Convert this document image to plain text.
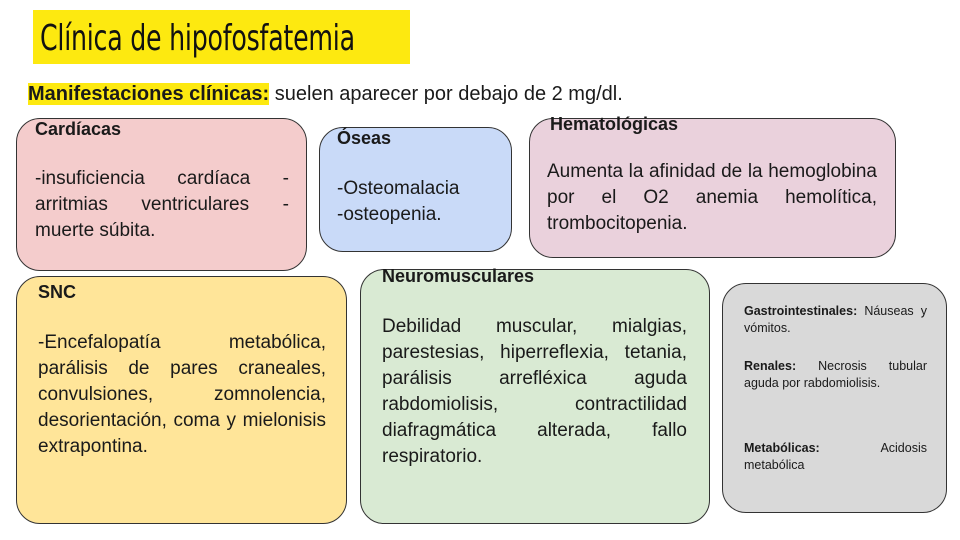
Clínica de hipofosfatemia
Manifestaciones clínicas: suelen aparecer por debajo de 2 mg/dl.
Cardíacas
-insuficiencia cardíaca - arritmias ventriculares - muerte súbita.
Óseas
-Osteomalacia
-osteopenia.
Hematológicas
Aumenta la afinidad de la hemoglobina por el O2 anemia hemolítica, trombocitopenia.
SNC
-Encefalopatía metabólica, parálisis de pares craneales, convulsiones, zomnolencia, desorientación, coma y mielonisis extrapontina.
Neuromusculares
Debilidad muscular, mialgias, parestesias, hiperreflexia, tetania, parálisis arrefléxica aguda rabdomiolisis, contractilidad diafragmática alterada, fallo respiratorio.
Gastrointestinales: Náuseas y vómitos.
Renales: Necrosis tubular aguda por rabdomiolisis.
Metabólicas: Acidosis metabólica
